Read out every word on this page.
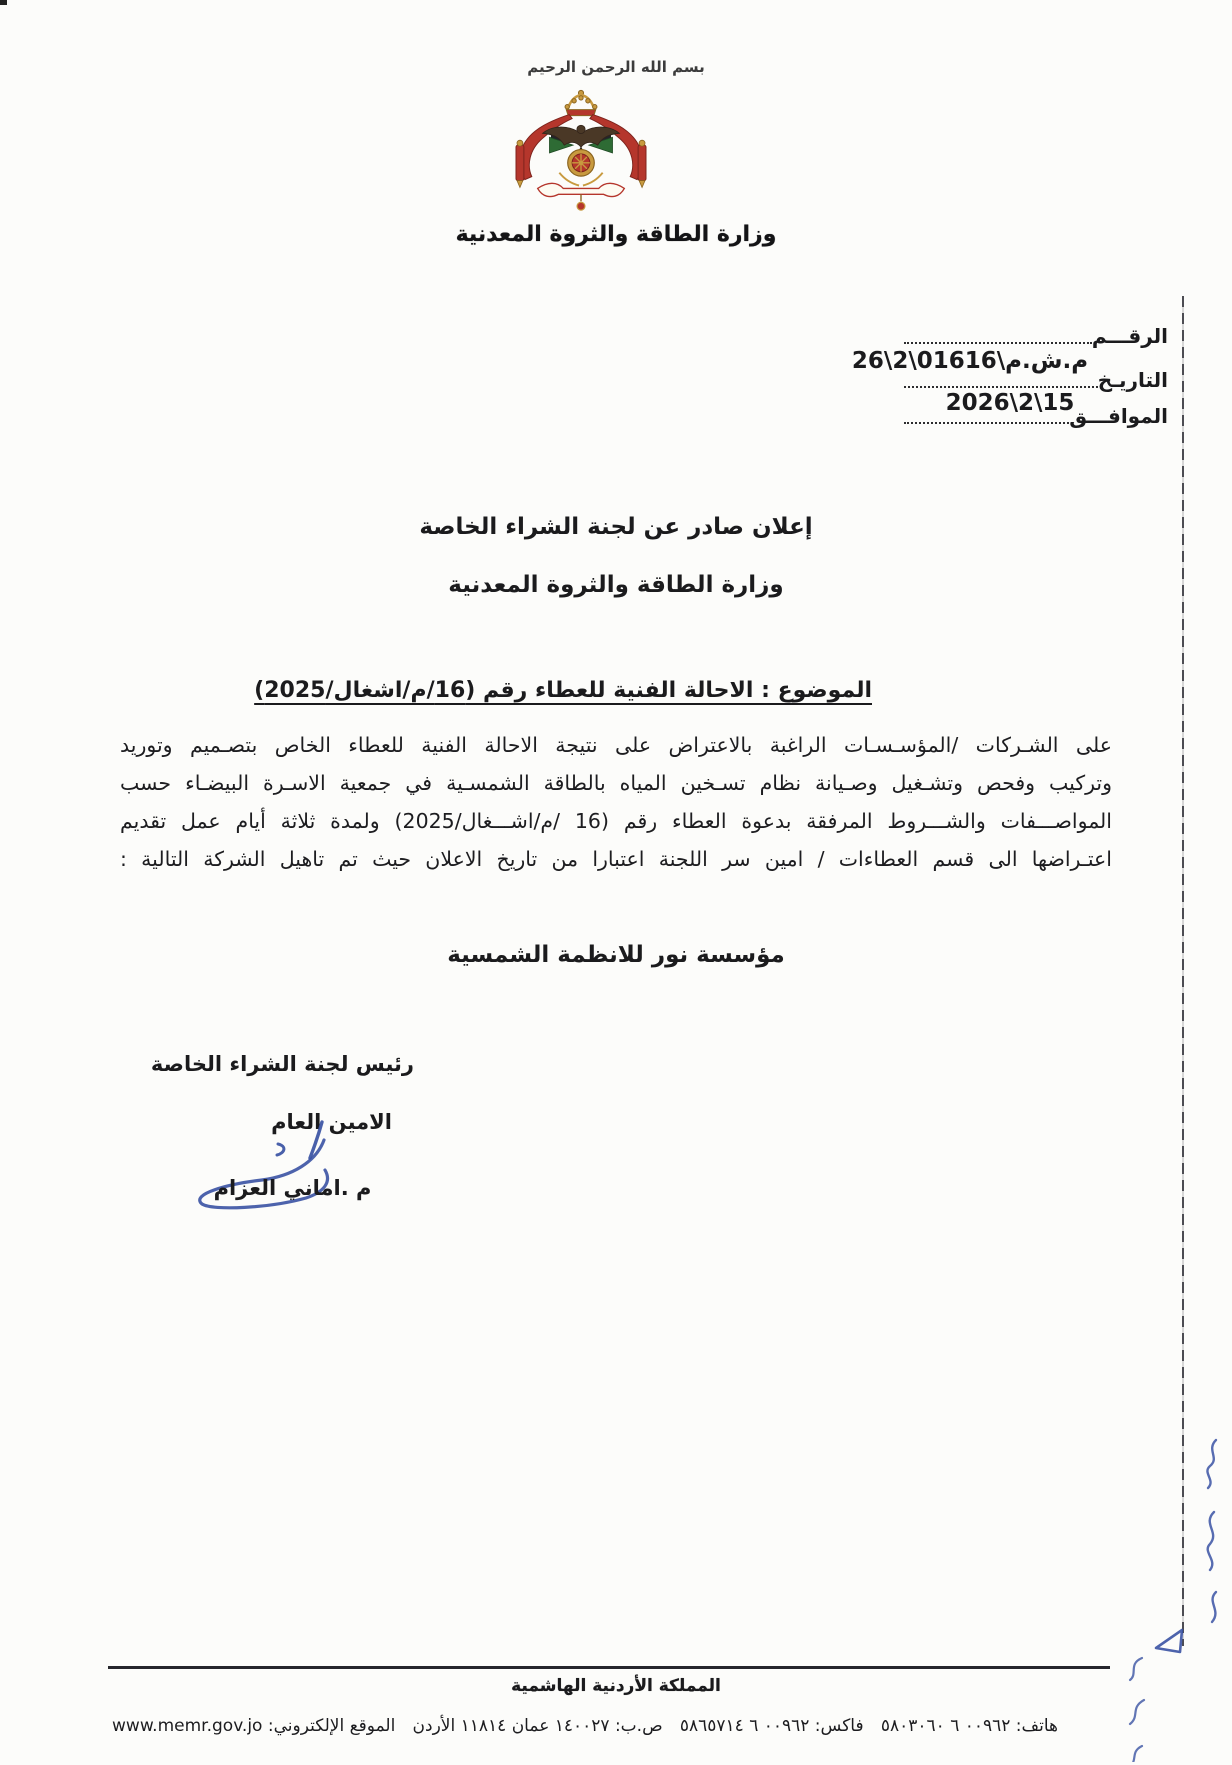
بسم الله الرحمن الرحيم
وزارة الطاقة والثروة المعدنية
الرقـــم
26\2\01616\م.ش.م
التاريـخ
2026\2\15
الموافـــق
إعلان صادر عن لجنة الشراء الخاصة
وزارة الطاقة والثروة المعدنية
الموضوع : الاحالة الفنية للعطاء رقم (16/م/اشغال/2025)
على الشـركات /المؤسـسـات الراغبة بالاعتراض على نتيجة الاحالة الفنية للعطاء الخاص بتصـميم وتوريد
وتركيب وفحص وتشـغيل وصـيانة نظام تسـخين المياه بالطاقة الشمسـية في جمعية الاسـرة البيضـاء حسب
المواصـــفات والشـــروط المرفقة بدعوة العطاء رقم (16 /م/اشـــغال/2025) ولمدة ثلاثة أيام عمل تقديم
اعتـراضها الى قسم العطاءات / امين سر اللجنة اعتبارا من تاريخ الاعلان حيث تم تاهيل الشركة التالية :
مؤسسة نور للانظمة الشمسية
رئيس لجنة الشراء الخاصة
الامين العام
م .اماني العزام
المملكة الأردنية الهاشمية
هاتف: ٠٠٩٦٢ ٦ ٥٨٠٣٠٦٠
فاكس: ٠٠٩٦٢ ٦ ٥٨٦٥٧١٤
ص.ب: ١٤٠٠٢٧ عمان ١١٨١٤ الأردن
الموقع الإلكتروني: www.memr.gov.jo
